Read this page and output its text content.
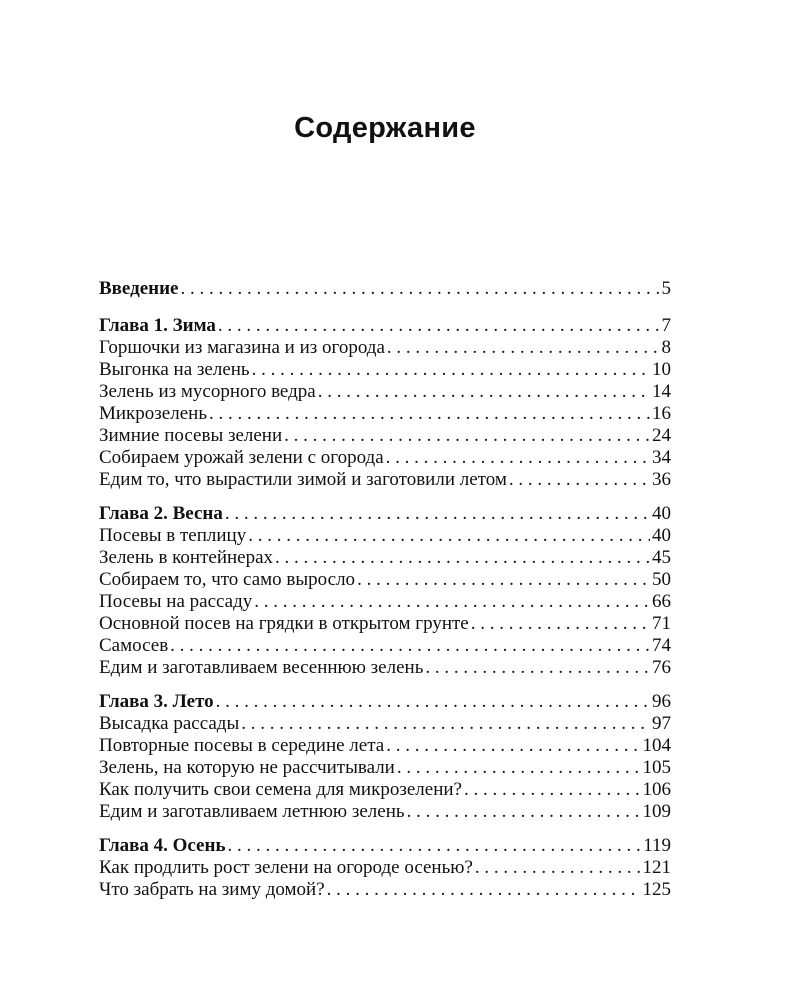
Содержание
Введение . . .	5
Глава 1. Зима . . .	7
Горшочки из магазина и из огорода . . .	8
Выгонка на зелень . . .	10
Зелень из мусорного ведра . . .	14
Микрозелень . . .	16
Зимние посевы зелени . . .	24
Собираем урожай зелени с огорода . . .	34
Едим то, что вырастили зимой и заготовили летом . . .	36
Глава 2. Весна . . .	40
Посевы в теплицу . . .	40
Зелень в контейнерах . . .	45
Собираем то, что само выросло . . .	50
Посевы на рассаду . . .	66
Основной посев на грядки в открытом грунте . . .	71
Самосев . . .	74
Едим и заготавливаем весеннюю зелень . . .	76
Глава 3. Лето . . .	96
Высадка рассады . . .	97
Повторные посевы в середине лета . . .	104
Зелень, на которую не рассчитывали . . .	105
Как получить свои семена для микрозелени? . . .	106
Едим и заготавливаем летнюю зелень . . .	109
Глава 4. Осень . . .	119
Как продлить рост зелени на огороде осенью? . . .	121
Что забрать на зиму домой? . . .	125
